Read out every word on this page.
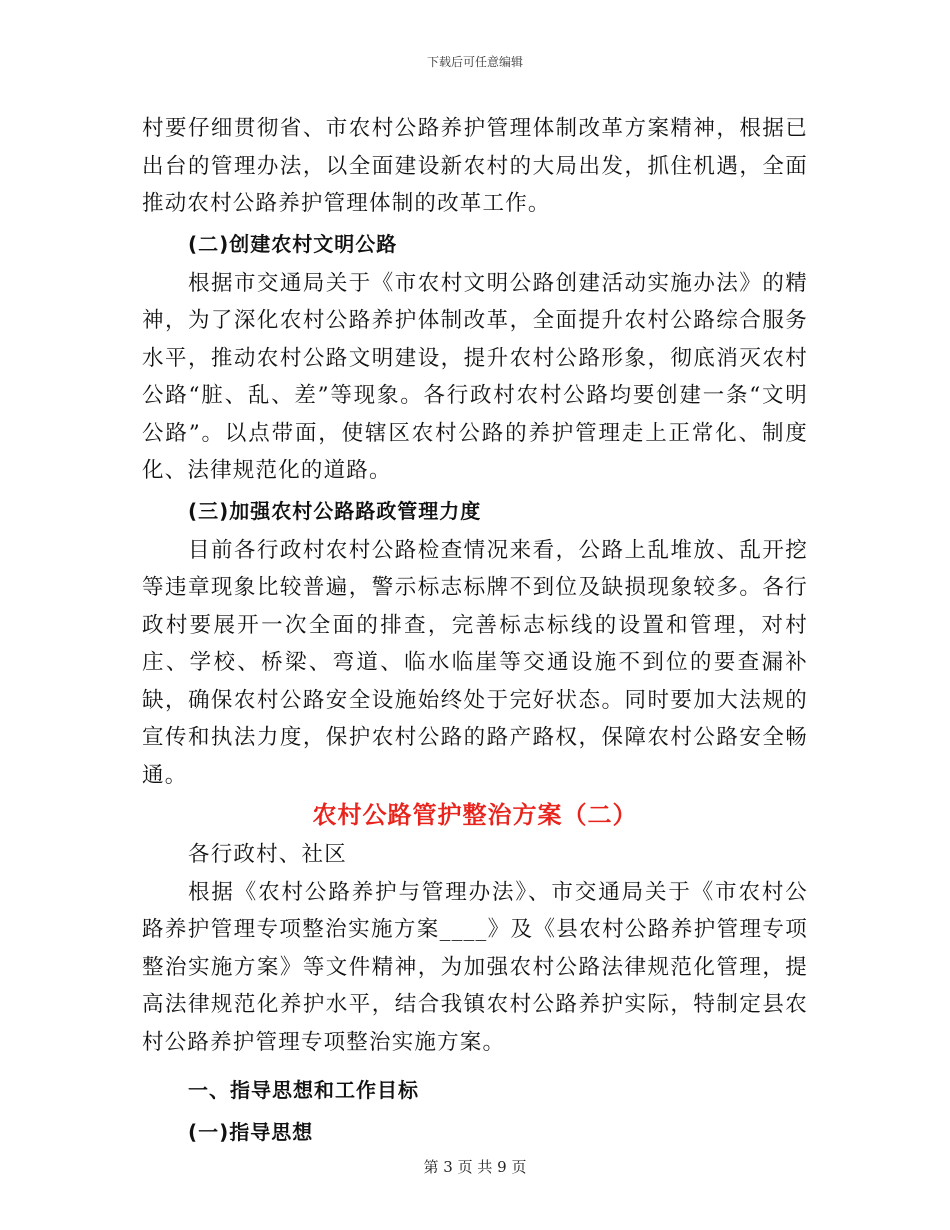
下载后可任意编辑

村要仔细贯彻省、市农村公路养护管理体制改革方案精神，根据已出台的管理办法，以全面建设新农村的大局出发，抓住机遇，全面推动农村公路养护管理体制的改革工作。

(二)创建农村文明公路

根据市交通局关于《市农村文明公路创建活动实施办法》的精神，为了深化农村公路养护体制改革，全面提升农村公路综合服务水平，推动农村公路文明建设，提升农村公路形象，彻底消灭农村公路“脏、乱、差”等现象。各行政村农村公路均要创建一条“文明公路”。以点带面，使辖区农村公路的养护管理走上正常化、制度化、法律规范化的道路。

(三)加强农村公路路政管理力度

目前各行政村农村公路检查情况来看，公路上乱堆放、乱开挖等违章现象比较普遍，警示标志标牌不到位及缺损现象较多。各行政村要展开一次全面的排查，完善标志标线的设置和管理，对村庄、学校、桥梁、弯道、临水临崖等交通设施不到位的要查漏补缺，确保农村公路安全设施始终处于完好状态。同时要加大法规的宣传和执法力度，保护农村公路的路产路权，保障农村公路安全畅通。

农村公路管护整治方案（二）

各行政村、社区

根据《农村公路养护与管理办法》、市交通局关于《市农村公路养护管理专项整治实施方案____》及《县农村公路养护管理专项整治实施方案》等文件精神，为加强农村公路法律规范化管理，提高法律规范化养护水平，结合我镇农村公路养护实际，特制定县农村公路养护管理专项整治实施方案。

一、指导思想和工作目标

(一)指导思想

第 3 页 共 9 页
